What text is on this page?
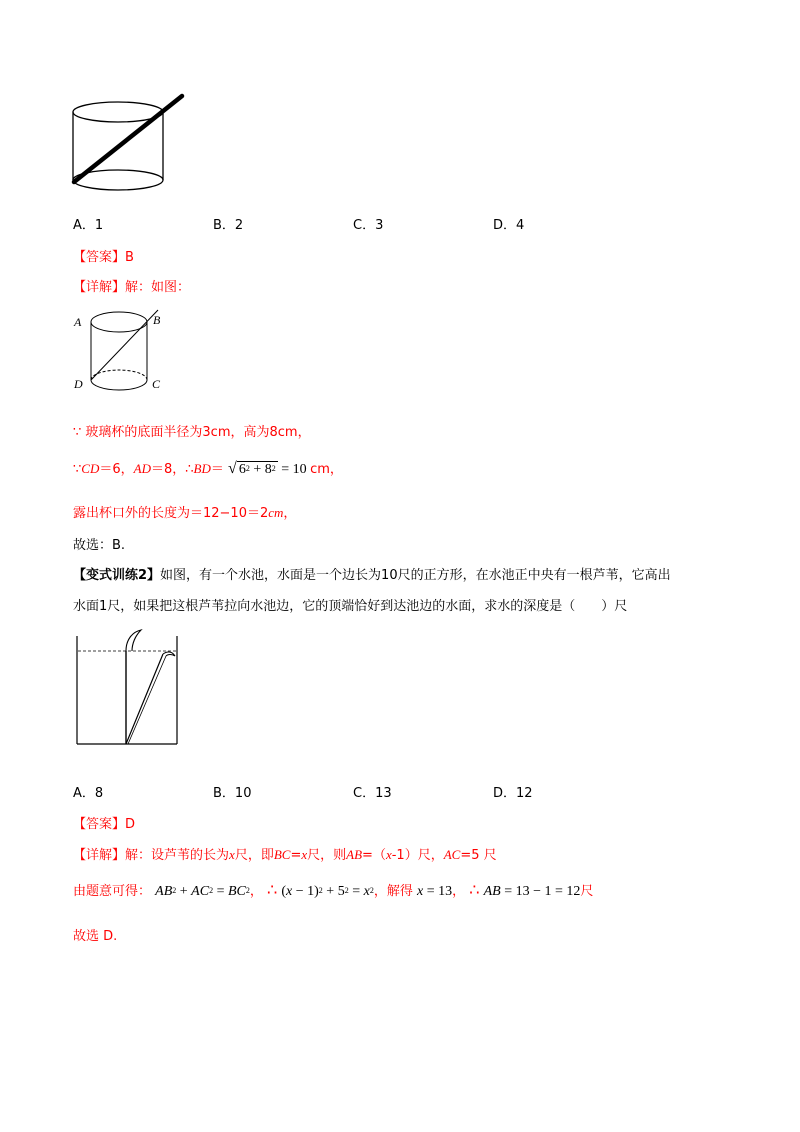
A．1	B．2	C．3	D．4
【答案】B
【详解】解：如图：
A	B
C
D
∵ 玻璃杯的底面半径为3cm，高为8cm，
∵CD＝6，AD＝8，∴BD＝ √ $6^2 + 8^2 = 10$ cm，
露出杯口外的长度为＝12−10＝2cm，
故选：B.
【变式训练2】如图，有一个水池，水面是一个边长为10尺的正方形，在水池正中央有一根芦苇，它高出
水面1尺，如果把这根芦苇拉向水池边，它的顶端恰好到达池边的水面，求水的深度是（　　）尺
A．8	B．10	C．13	D．12
【答案】D
【详解】解：设芦苇的长为x尺，即BC=x尺，则AB=（x-1）尺，AC=5 尺
由题意可得： $AB^2 + AC^2 = BC^2$， ∴ $(x - 1)^2 + 5^2 = x^2$，解得 x = 13， ∴ AB = 13 − 1 = 12尺
故选 D.
